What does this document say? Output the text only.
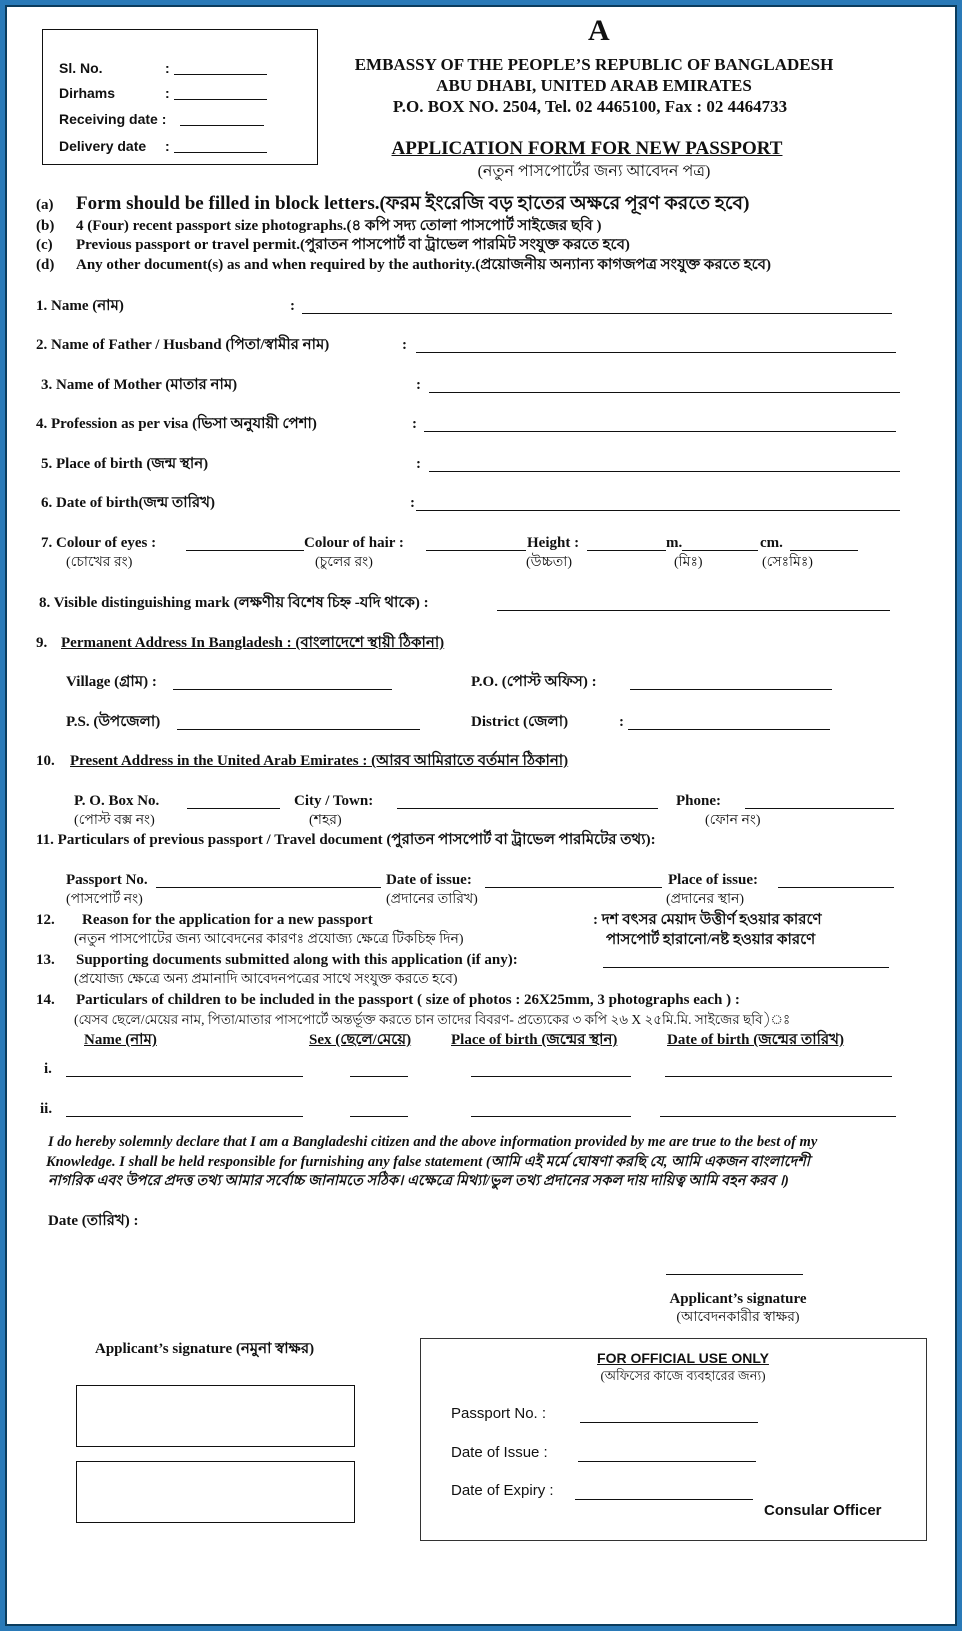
Sl. No.	:
Dirhams	:
Receiving date :
Delivery date :
A
EMBASSY OF THE PEOPLE’S REPUBLIC OF BANGLADESH
ABU DHABI, UNITED ARAB EMIRATES
P.O. BOX NO. 2504, Tel. 02 4465100, Fax : 02 4464733
APPLICATION FORM FOR NEW PASSPORT
(নতুন পাসপোর্টের জন্য আবেদন পত্র)
(a) Form should be filled in block letters.(ফরম ইংরেজি বড় হাতের অক্ষরে পূরণ করতে হবে)
(b) 4 (Four) recent passport size photographs.(৪ কপি সদ্য তোলা পাসপোর্ট সাইজের ছবি )
(c) Previous passport or travel permit.(পুরাতন পাসপোর্ট বা ট্রাভেল পারমিট সংযুক্ত করতে হবে)
(d) Any other document(s) as and when required by the authority.(প্রয়োজনীয় অন্যান্য কাগজপত্র সংযুক্ত করতে হবে)
1. Name (নাম)	:
2. Name of Father / Husband (পিতা/স্বামীর নাম)	:
3. Name of Mother (মাতার নাম)	:
4. Profession as per visa (ভিসা অনুযায়ী পেশা)	:
5. Place of birth (জন্ম স্থান)	:
6. Date of birth(জন্ম তারিখ)	:
7. Colour of eyes :	Colour of hair :	Height :	m.	cm.
(চোখের রং)	(চুলের রং)	(উচ্চতা)	(মিঃ)	(সেঃমিঃ)
8. Visible distinguishing mark (লক্ষণীয় বিশেষ চিহ্ন -যদি থাকে) :
9. Permanent Address In Bangladesh : (বাংলাদেশে স্থায়ী ঠিকানা)
Village (গ্রাম) :	P.O. (পোস্ট অফিস) :
P.S. (উপজেলা)	District (জেলা)	:
10. Present Address in the United Arab Emirates : (আরব আমিরাতে বর্তমান ঠিকানা)
P. O. Box No.	City / Town:	Phone:
(পোস্ট বক্স নং)	(শহর)	(ফোন নং)
11. Particulars of previous passport / Travel document (পুরাতন পাসপোর্ট বা ট্রাভেল পারমিটের তথ্য):
Passport No.	Date of issue:	Place of issue:
(পাসপোর্ট নং)	(প্রদানের তারিখ)	(প্রদানের স্থান)
12. Reason for the application for a new passport	: দশ বৎসর মেয়াদ উত্তীর্ণ হওয়ার কারণে
(নতুন পাসপোটের জন্য আবেদনের কারণঃ প্রযোজ্য ক্ষেত্রে টিকচিহ্ন দিন)	পাসপোর্ট হারানো/নষ্ট হওয়ার কারণে
13. Supporting documents submitted along with this application (if any):
(প্রযোজ্য ক্ষেত্রে অন্য প্রমানাদি আবেদনপত্রের সাথে সংযুক্ত করতে হবে)
14. Particulars of children to be included in the passport ( size of photos : 26X25mm, 3 photographs each ) :
(যেসব ছেলে/মেয়ের নাম, পিতা/মাতার পাসপোর্টে অন্তর্ভূক্ত করতে চান তাদের বিবরণ- প্রত্যেকের ৩ কপি ২৬ X ২৫মি.মি. সাইজের ছবি)ঃ
Name (নাম)	Sex (ছেলে/মেয়ে)	Place of birth (জন্মের স্থান)	Date of birth (জন্মের তারিখ)
i.
ii.
I do hereby solemnly declare that I am a Bangladeshi citizen and the above information provided by me are true to the best of my
Knowledge. I shall be held responsible for furnishing any false statement (আমি এই মর্মে ঘোষণা করছি যে, আমি একজন বাংলাদেশী
নাগরিক এবং উপরে প্রদত্ত তথ্য আমার সর্বোচ্চ জানামতে সঠিক। এক্ষেত্রে মিথ্যা/ভুল তথ্য প্রদানের সকল দায় দায়িত্ব আমি বহন করব ।)
Date (তারিখ) :
Applicant’s signature
(আবেদনকারীর স্বাক্ষর)
Applicant’s signature (নমুনা স্বাক্ষর)
FOR OFFICIAL USE ONLY
(অফিসের কাজে ব্যবহারের জন্য)
Passport No. :
Date of Issue :
Date of Expiry :
Consular Officer
